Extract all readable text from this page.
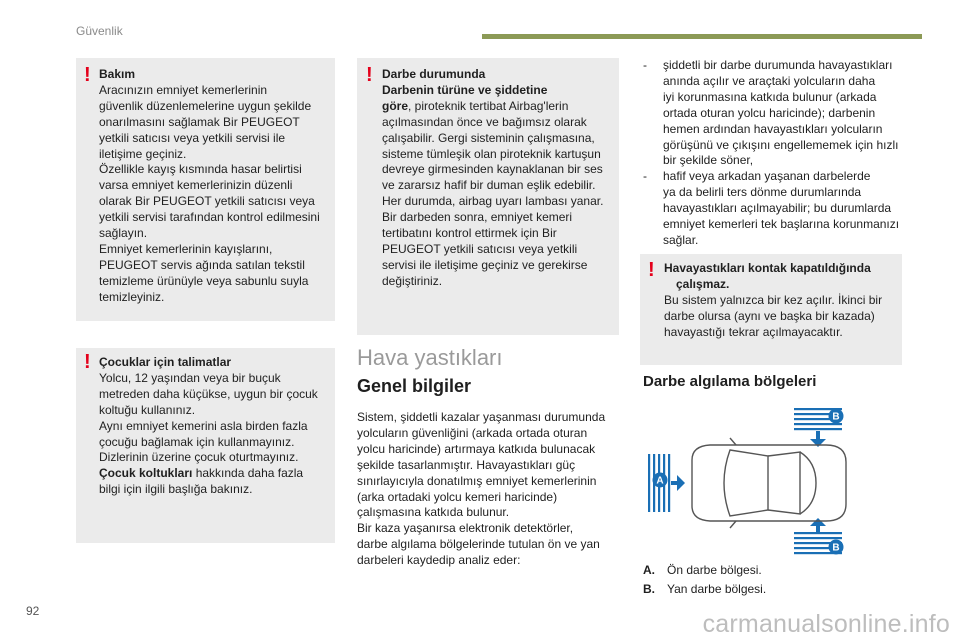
Güvenlik
! Bakım
Aracınızın emniyet kemerlerinin
güvenlik düzenlemelerine uygun şekilde
onarılmasını sağlamak Bir PEUGEOT
yetkili satıcısı veya yetkili servisi ile
iletişime geçiniz.
Özellikle kayış kısmında hasar belirtisi
varsa emniyet kemerlerinizin düzenli
olarak Bir PEUGEOT yetkili satıcısı veya
yetkili servisi tarafından kontrol edilmesini
sağlayın.
Emniyet kemerlerinin kayışlarını,
PEUGEOT servis ağında satılan tekstil
temizleme ürünüyle veya sabunlu suyla
temizleyiniz.
! Çocuklar için talimatlar
Yolcu, 12 yaşından veya bir buçuk
metreden daha küçükse, uygun bir çocuk
koltuğu kullanınız.
Aynı emniyet kemerini asla birden fazla
çocuğu bağlamak için kullanmayınız.
Dizlerinin üzerine çocuk oturtmayınız.
Çocuk koltukları hakkında daha fazla
bilgi için ilgili başlığa bakınız.
! Darbe durumunda
Darbenin türüne ve şiddetine
göre, piroteknik tertibat Airbag'lerin
açılmasından önce ve bağımsız olarak
çalışabilir. Gergi sisteminin çalışmasına,
sisteme tümleşik olan piroteknik kartuşun
devreye girmesinden kaynaklanan bir ses
ve zararsız hafif bir duman eşlik edebilir.
Her durumda, airbag uyarı lambası yanar.
Bir darbeden sonra, emniyet kemeri
tertibatını kontrol ettirmek için Bir
PEUGEOT yetkili satıcısı veya yetkili
servisi ile iletişime geçiniz ve gerekirse
değiştiriniz.
Hava yastıkları
Genel bilgiler
Sistem, şiddetli kazalar yaşanması durumunda
yolcuların güvenliğini (arkada ortada oturan
yolcu haricinde) artırmaya katkıda bulunacak
şekilde tasarlanmıştır. Havayastıkları güç
sınırlayıcıyla donatılmış emniyet kemerlerinin
(arka ortadaki yolcu kemeri haricinde)
çalışmasına katkıda bulunur.
Bir kaza yaşanırsa elektronik detektörler,
darbe algılama bölgelerinde tutulan ön ve yan
darbeleri kaydedip analiz eder:
-	şiddetli bir darbe durumunda havayastıkları
anında açılır ve araçtaki yolcuların daha
iyi korunmasına katkıda bulunur (arkada
ortada oturan yolcu haricinde); darbenin
hemen ardından havayastıkları yolcuların
görüşünü ve çıkışını engellememek için hızlı
bir şekilde söner,
-	hafif veya arkadan yaşanan darbelerde
ya da belirli ters dönme durumlarında
havayastıkları açılmayabilir; bu durumlarda
emniyet kemerleri tek başlarına korunmanızı
sağlar.
! Havayastıkları kontak kapatıldığında
çalışmaz.
Bu sistem yalnızca bir kez açılır. İkinci bir
darbe olursa (aynı ve başka bir kazada)
havayastığı tekrar açılmayacaktır.
Darbe algılama bölgeleri
B
A
B
A. Ön darbe bölgesi.
B. Yan darbe bölgesi.
92	carmanualsonline.info
